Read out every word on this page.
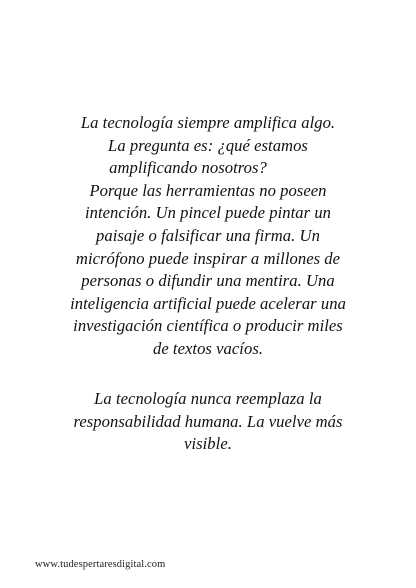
La tecnología siempre amplifica algo.
La pregunta es: ¿qué estamos
amplificando nosotros?
Porque las herramientas no poseen
intención. Un pincel puede pintar un
paisaje o falsificar una firma. Un
micrófono puede inspirar a millones de
personas o difundir una mentira. Una
inteligencia artificial puede acelerar una
investigación científica o producir miles
de textos vacíos.
La tecnología nunca reemplaza la
responsabilidad humana. La vuelve más
visible.
www.tudespertaresdigital.com
